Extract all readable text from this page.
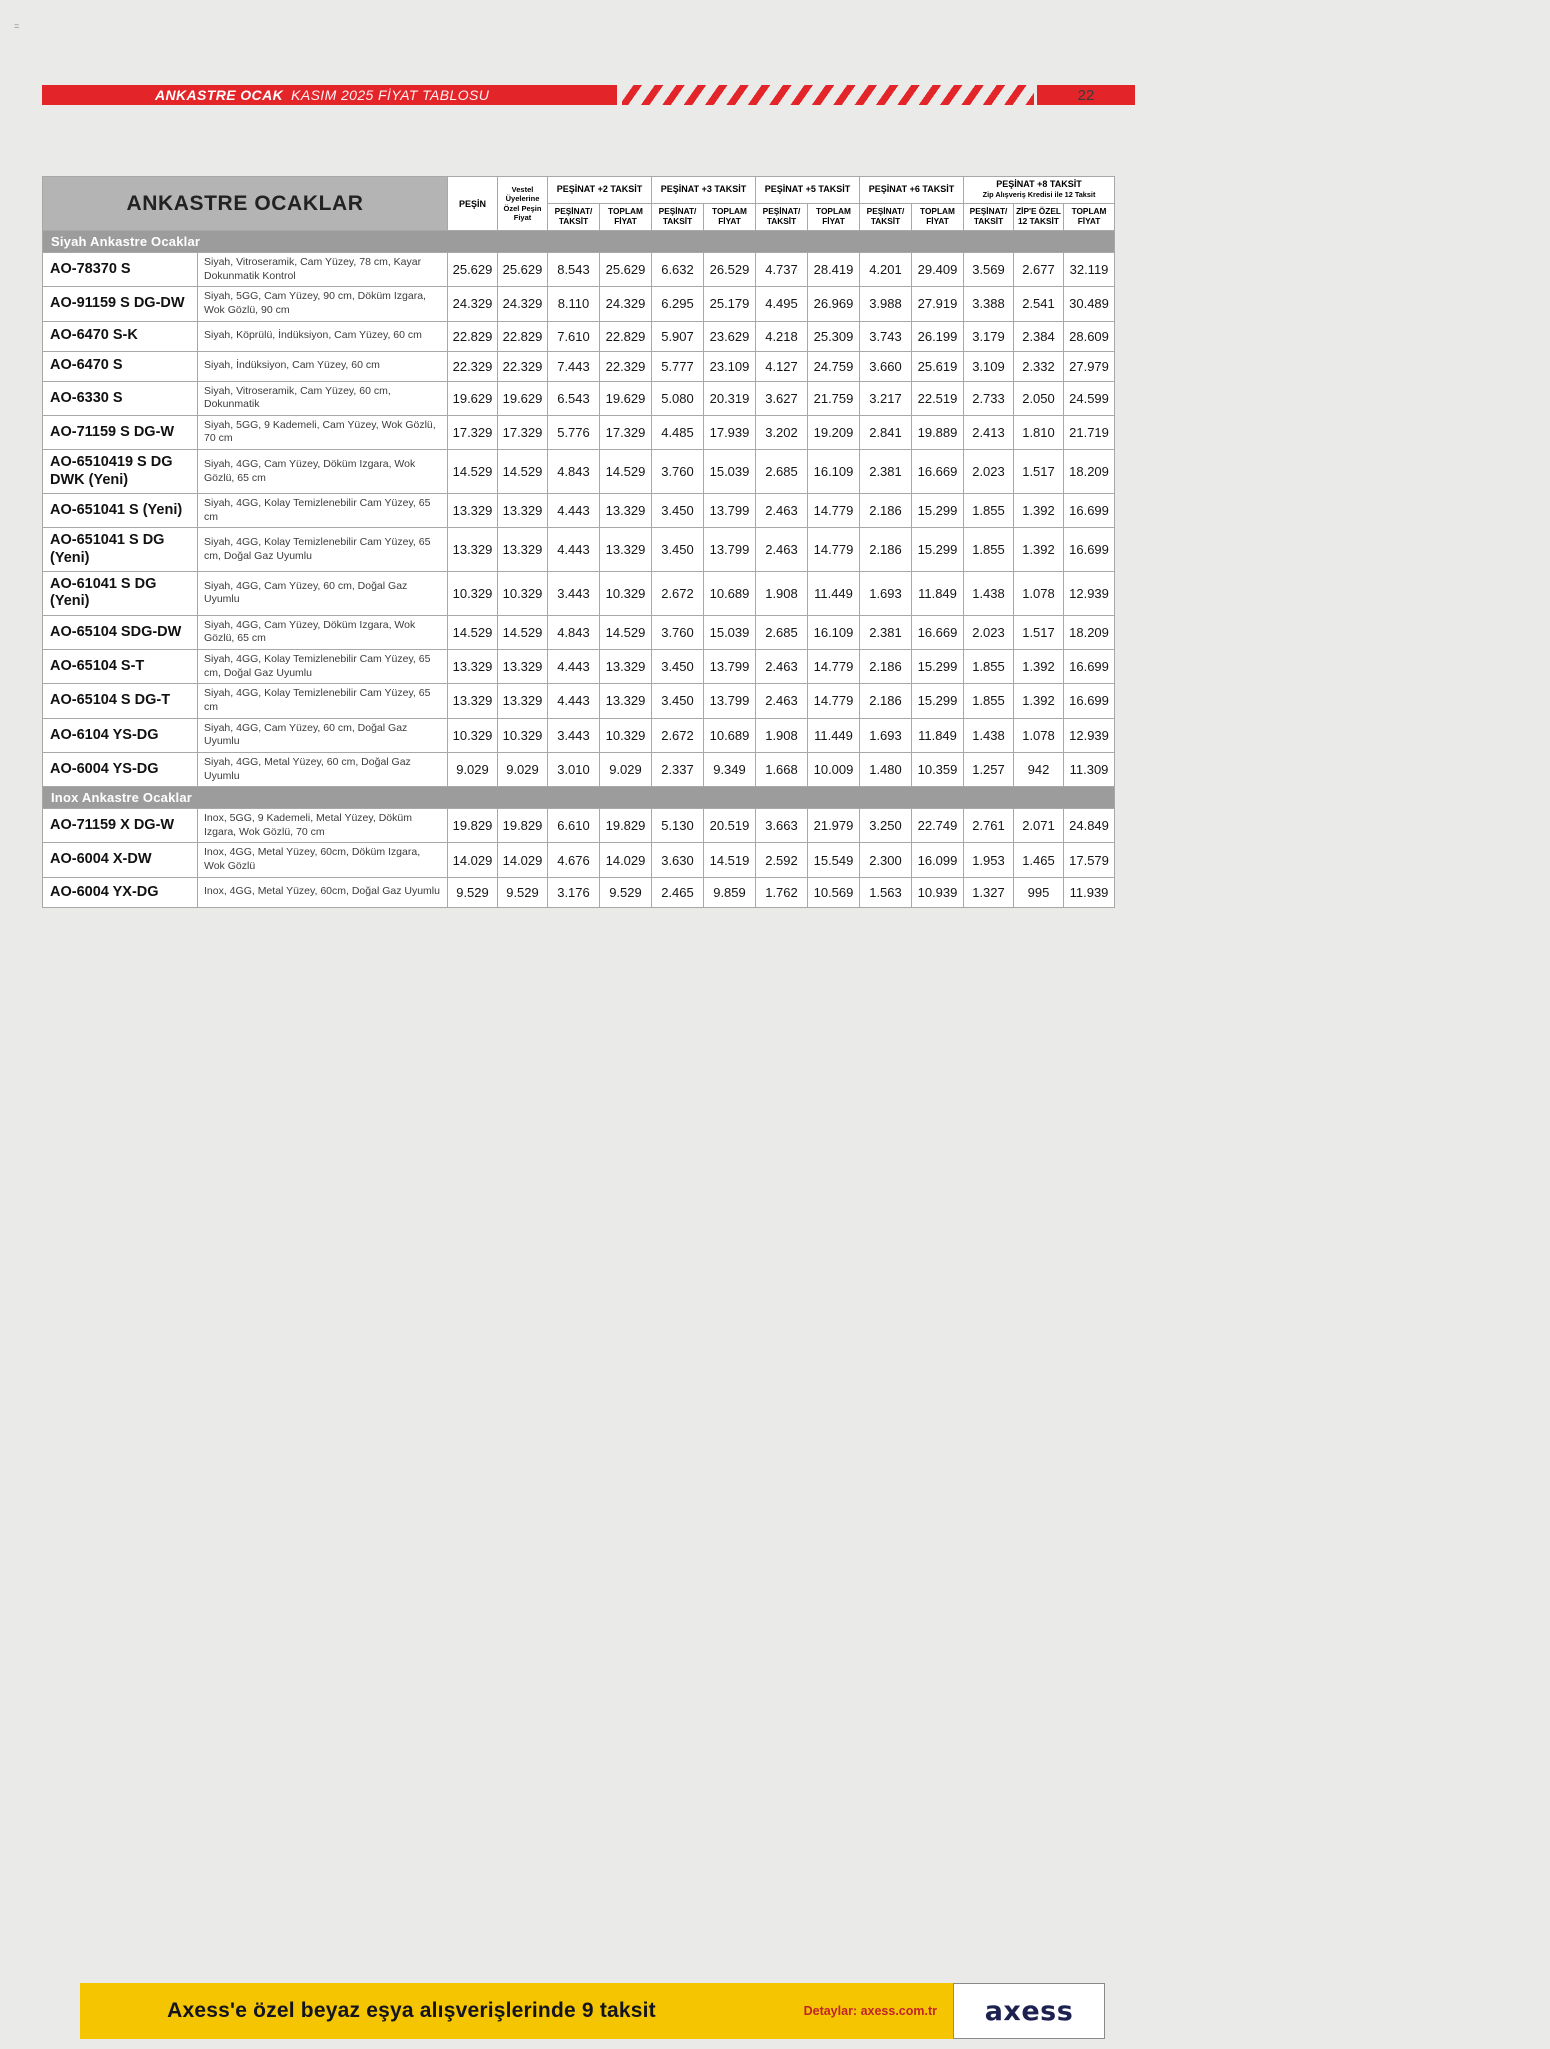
=
ANKASTRE OCAK KASIM 2025 FİYAT TABLOSU	22
ANKASTRE OCAKLAR		PEŞİN	Vestel Üyelerine Özel Peşin Fiyat	PEŞİNAT +2 TAKSİT		PEŞİNAT +3 TAKSİT		PEŞİNAT +5 TAKSİT		PEŞİNAT +6 TAKSİT		PEŞİNAT +8 TAKSİT
Zip Alışveriş Kredisi ile 12 Taksit		

				PEŞİNAT/ TAKSİT	TOPLAM FİYAT	PEŞİNAT/ TAKSİT	TOPLAM FİYAT	PEŞİNAT/ TAKSİT	TOPLAM FİYAT	PEŞİNAT/ TAKSİT	TOPLAM FİYAT	PEŞİNAT/ TAKSİT	ZİP'E ÖZEL 12 TAKSİT	TOPLAM FİYAT
Siyah Ankastre Ocaklar														
AO-78370 S	Siyah, Vitroseramik, Cam Yüzey, 78 cm, Kayar Dokunmatik Kontrol	25.629	25.629	8.543	25.629	6.632	26.529	4.737	28.419	4.201	29.409	3.569	2.677	32.119
AO-91159 S DG-DW	Siyah, 5GG, Cam Yüzey, 90 cm, Döküm Izgara, Wok Gözlü, 90 cm	24.329	24.329	8.110	24.329	6.295	25.179	4.495	26.969	3.988	27.919	3.388	2.541	30.489
AO-6470 S-K	Siyah, Köprülü, İndüksiyon, Cam Yüzey, 60 cm	22.829	22.829	7.610	22.829	5.907	23.629	4.218	25.309	3.743	26.199	3.179	2.384	28.609
AO-6470 S	Siyah, İndüksiyon, Cam Yüzey, 60 cm	22.329	22.329	7.443	22.329	5.777	23.109	4.127	24.759	3.660	25.619	3.109	2.332	27.979
AO-6330 S	Siyah, Vitroseramik, Cam Yüzey, 60 cm, Dokunmatik	19.629	19.629	6.543	19.629	5.080	20.319	3.627	21.759	3.217	22.519	2.733	2.050	24.599
AO-71159 S DG-W	Siyah, 5GG, 9 Kademeli, Cam Yüzey, Wok Gözlü, 70 cm	17.329	17.329	5.776	17.329	4.485	17.939	3.202	19.209	2.841	19.889	2.413	1.810	21.719
AO-6510419 S DG DWK (Yeni)	Siyah, 4GG, Cam Yüzey, Döküm Izgara, Wok Gözlü, 65 cm	14.529	14.529	4.843	14.529	3.760	15.039	2.685	16.109	2.381	16.669	2.023	1.517	18.209
AO-651041 S (Yeni)	Siyah, 4GG, Kolay Temizlenebilir Cam Yüzey, 65 cm	13.329	13.329	4.443	13.329	3.450	13.799	2.463	14.779	2.186	15.299	1.855	1.392	16.699
AO-651041 S DG (Yeni)	Siyah, 4GG, Kolay Temizlenebilir Cam Yüzey, 65 cm, Doğal Gaz Uyumlu	13.329	13.329	4.443	13.329	3.450	13.799	2.463	14.779	2.186	15.299	1.855	1.392	16.699
AO-61041 S DG (Yeni)	Siyah, 4GG, Cam Yüzey, 60 cm, Doğal Gaz Uyumlu	10.329	10.329	3.443	10.329	2.672	10.689	1.908	11.449	1.693	11.849	1.438	1.078	12.939
AO-65104 SDG-DW	Siyah, 4GG, Cam Yüzey, Döküm Izgara, Wok Gözlü, 65 cm	14.529	14.529	4.843	14.529	3.760	15.039	2.685	16.109	2.381	16.669	2.023	1.517	18.209
AO-65104 S-T	Siyah, 4GG, Kolay Temizlenebilir Cam Yüzey, 65 cm, Doğal Gaz Uyumlu	13.329	13.329	4.443	13.329	3.450	13.799	2.463	14.779	2.186	15.299	1.855	1.392	16.699
AO-65104 S DG-T	Siyah, 4GG, Kolay Temizlenebilir Cam Yüzey, 65 cm	13.329	13.329	4.443	13.329	3.450	13.799	2.463	14.779	2.186	15.299	1.855	1.392	16.699
AO-6104 YS-DG	Siyah, 4GG, Cam Yüzey, 60 cm, Doğal Gaz Uyumlu	10.329	10.329	3.443	10.329	2.672	10.689	1.908	11.449	1.693	11.849	1.438	1.078	12.939
AO-6004 YS-DG	Siyah, 4GG, Metal Yüzey, 60 cm, Doğal Gaz Uyumlu	9.029	9.029	3.010	9.029	2.337	9.349	1.668	10.009	1.480	10.359	1.257	942	11.309
Inox Ankastre Ocaklar														
AO-71159 X DG-W	Inox, 5GG, 9 Kademeli, Metal Yüzey, Döküm Izgara, Wok Gözlü, 70 cm	19.829	19.829	6.610	19.829	5.130	20.519	3.663	21.979	3.250	22.749	2.761	2.071	24.849
AO-6004 X-DW	Inox, 4GG, Metal Yüzey, 60cm, Döküm Izgara, Wok Gözlü	14.029	14.029	4.676	14.029	3.630	14.519	2.592	15.549	2.300	16.099	1.953	1.465	17.579
AO-6004 YX-DG	Inox, 4GG, Metal Yüzey, 60cm, Doğal Gaz Uyumlu	9.529	9.529	3.176	9.529	2.465	9.859	1.762	10.569	1.563	10.939	1.327	995	11.939
Axess'e özel beyaz eşya alışverişlerinde 9 taksit	Detaylar: axess.com.tr axess
